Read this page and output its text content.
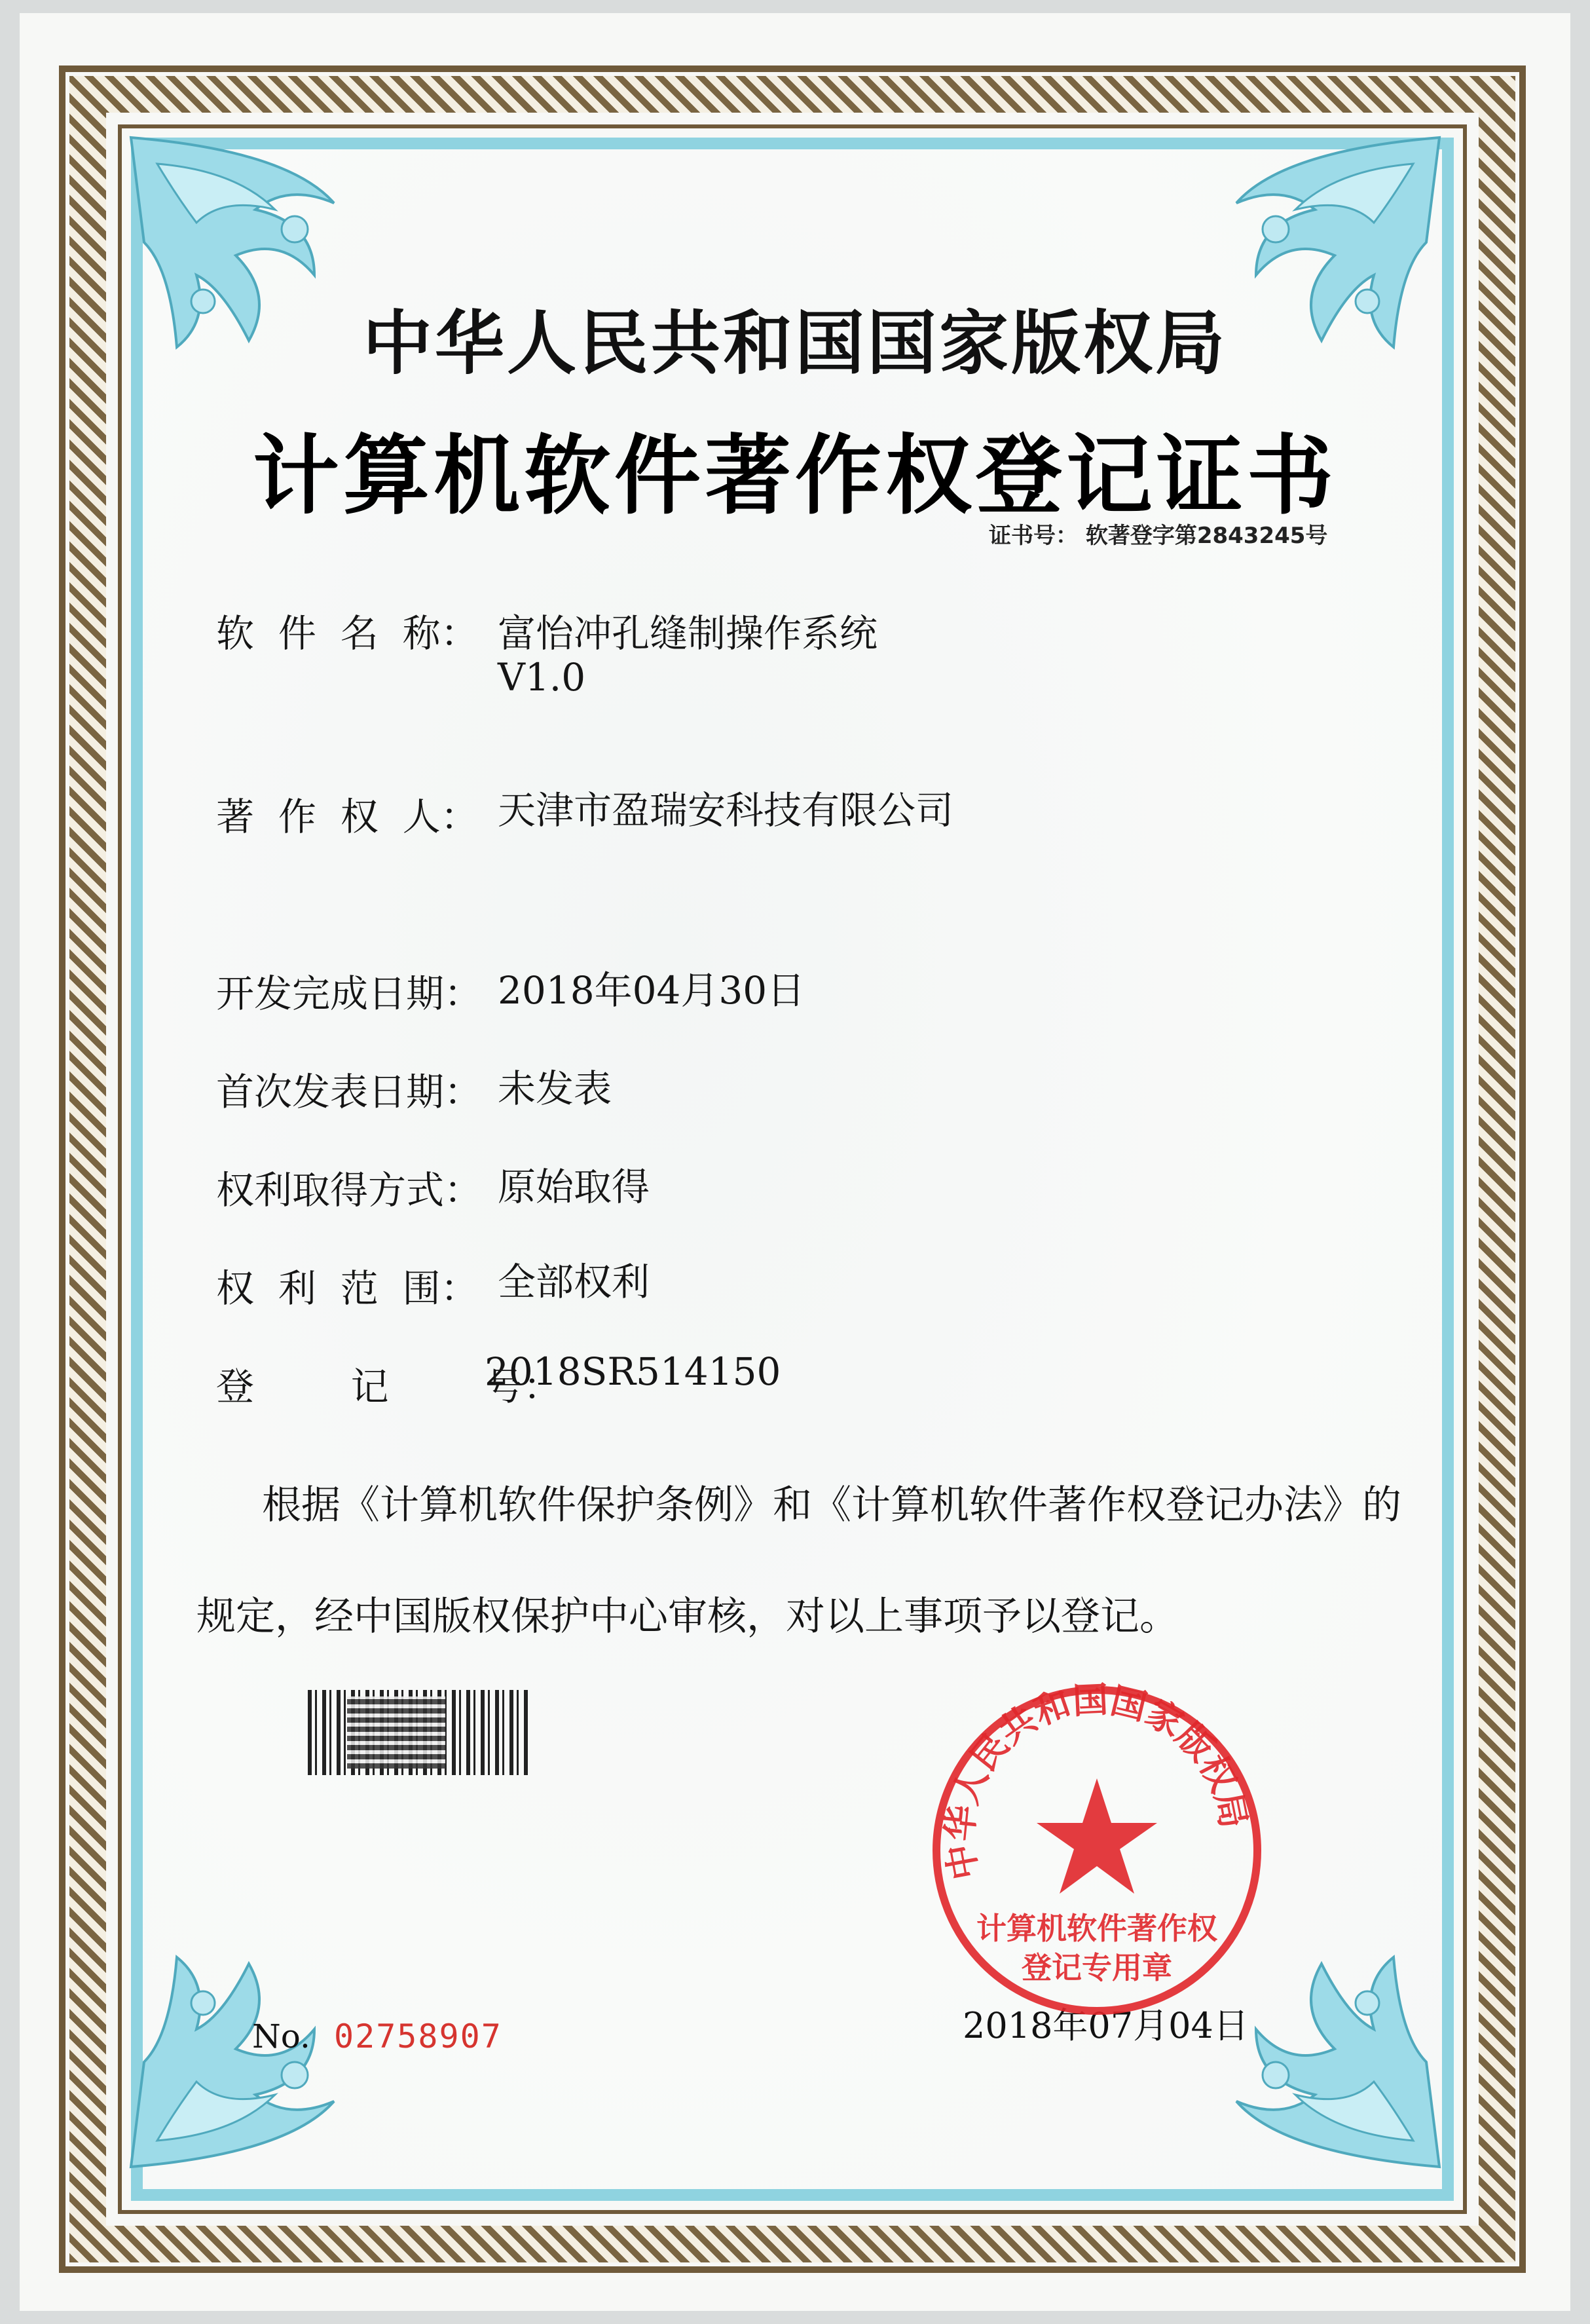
中华人民共和国国家版权局
计算机软件著作权登记证书
证书号： 软著登字第2843245号
软  件  名  称： 富怡冲孔缝制操作系统
V1.0
著  作  权  人： 天津市盈瑞安科技有限公司
开发完成日期： 2018年04月30日
首次发表日期： 未发表
权利取得方式： 原始取得
权  利  范  围： 全部权利
登        记        号：
2018SR514150
根据《计算机软件保护条例》和《计算机软件著作权登记办法》的
规定，经中国版权保护中心审核，对以上事项予以登记。
No. 02758907	2018年07月04日
中华人民共和国国家版权局
计算机软件著作权
登记专用章
